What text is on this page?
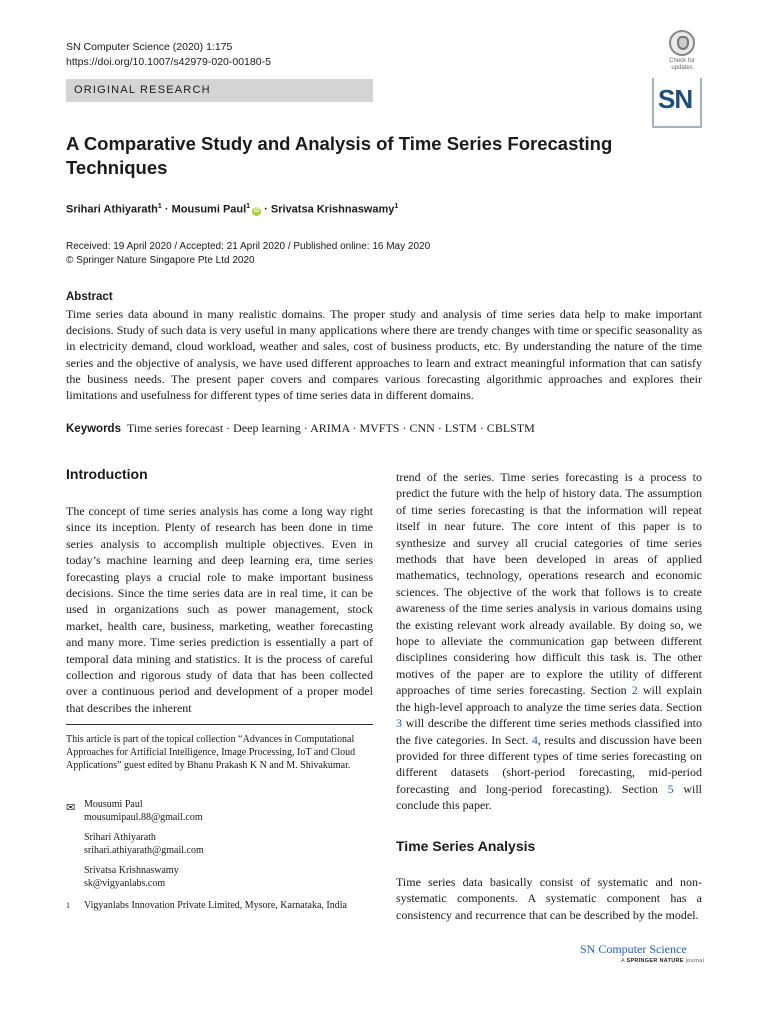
SN Computer Science (2020) 1:175
https://doi.org/10.1007/s42979-020-00180-5	Check for updates
SN
ORIGINAL RESEARCH
A Comparative Study and Analysis of Time Series Forecasting Techniques
Srihari Athiyarath$^1$ · Mousumi Paul$^1$iD · Srivatsa Krishnaswamy$^1$
Received: 19 April 2020 / Accepted: 21 April 2020 / Published online: 16 May 2020
© Springer Nature Singapore Pte Ltd 2020
Abstract
Time series data abound in many realistic domains. The proper study and analysis of time series data help to make important decisions. Study of such data is very useful in many applications where there are trendy changes with time or specific seasonality as in electricity demand, cloud workload, weather and sales, cost of business products, etc. By understanding the nature of the time series and the objective of analysis, we have used different approaches to learn and extract meaningful information that can satisfy the business needs. The present paper covers and compares various forecasting algorithmic approaches and explores their limitations and usefulness for different types of time series data in different domains.
Keywords Time series forecast · Deep learning · ARIMA · MVFTS · CNN · LSTM · CBLSTM
Introduction
The concept of time series analysis has come a long way right since its inception. Plenty of research has been done in time series analysis to accomplish multiple objectives. Even in today’s machine learning and deep learning era, time series forecasting plays a crucial role to make important business decisions. Since the time series data are in real time, it can be used in organizations such as power management, stock market, health care, business, marketing, weather forecasting and many more. Time series prediction is essentially a part of temporal data mining and statistics. It is the process of careful collection and rigorous study of data that has been collected over a continuous period and development of a proper model that describes the inherent
This article is part of the topical collection “Advances in Computational Approaches for Artificial Intelligence, Image Processing, IoT and Cloud Applications” guest edited by Bhanu Prakash K N and M. Shivakumar.
✉ Mousumi Paul
mousumipaul.88@gmail.com
Srihari Athiyarath
srihari.athiyarath@gmail.com
Srivatsa Krishnaswamy
sk@vigyanlabs.com
1 Vigyanlabs Innovation Private Limited, Mysore, Karnataka, India
trend of the series. Time series forecasting is a process to predict the future with the help of history data. The assumption of time series forecasting is that the information will repeat itself in near future. The core intent of this paper is to synthesize and survey all crucial categories of time series methods that have been developed in areas of applied mathematics, technology, operations research and economic sciences. The objective of the work that follows is to create awareness of the time series analysis in various domains using the existing relevant work already available. By doing so, we hope to alleviate the communication gap between different disciplines considering how difficult this task is. The other motives of the paper are to explore the utility of different approaches of time series forecasting. Section 2 will explain the high-level approach to analyze the time series data. Section 3 will describe the different time series methods classified into the five categories. In Sect. 4, results and discussion have been provided for three different types of time series forecasting on different datasets (short-period forecasting, mid-period forecasting and long-period forecasting). Section 5 will conclude this paper.
Time Series Analysis
Time series data basically consist of systematic and non-systematic components. A systematic component has a consistency and recurrence that can be described by the model.
SN Computer Science
A SPRINGER NATURE journal
